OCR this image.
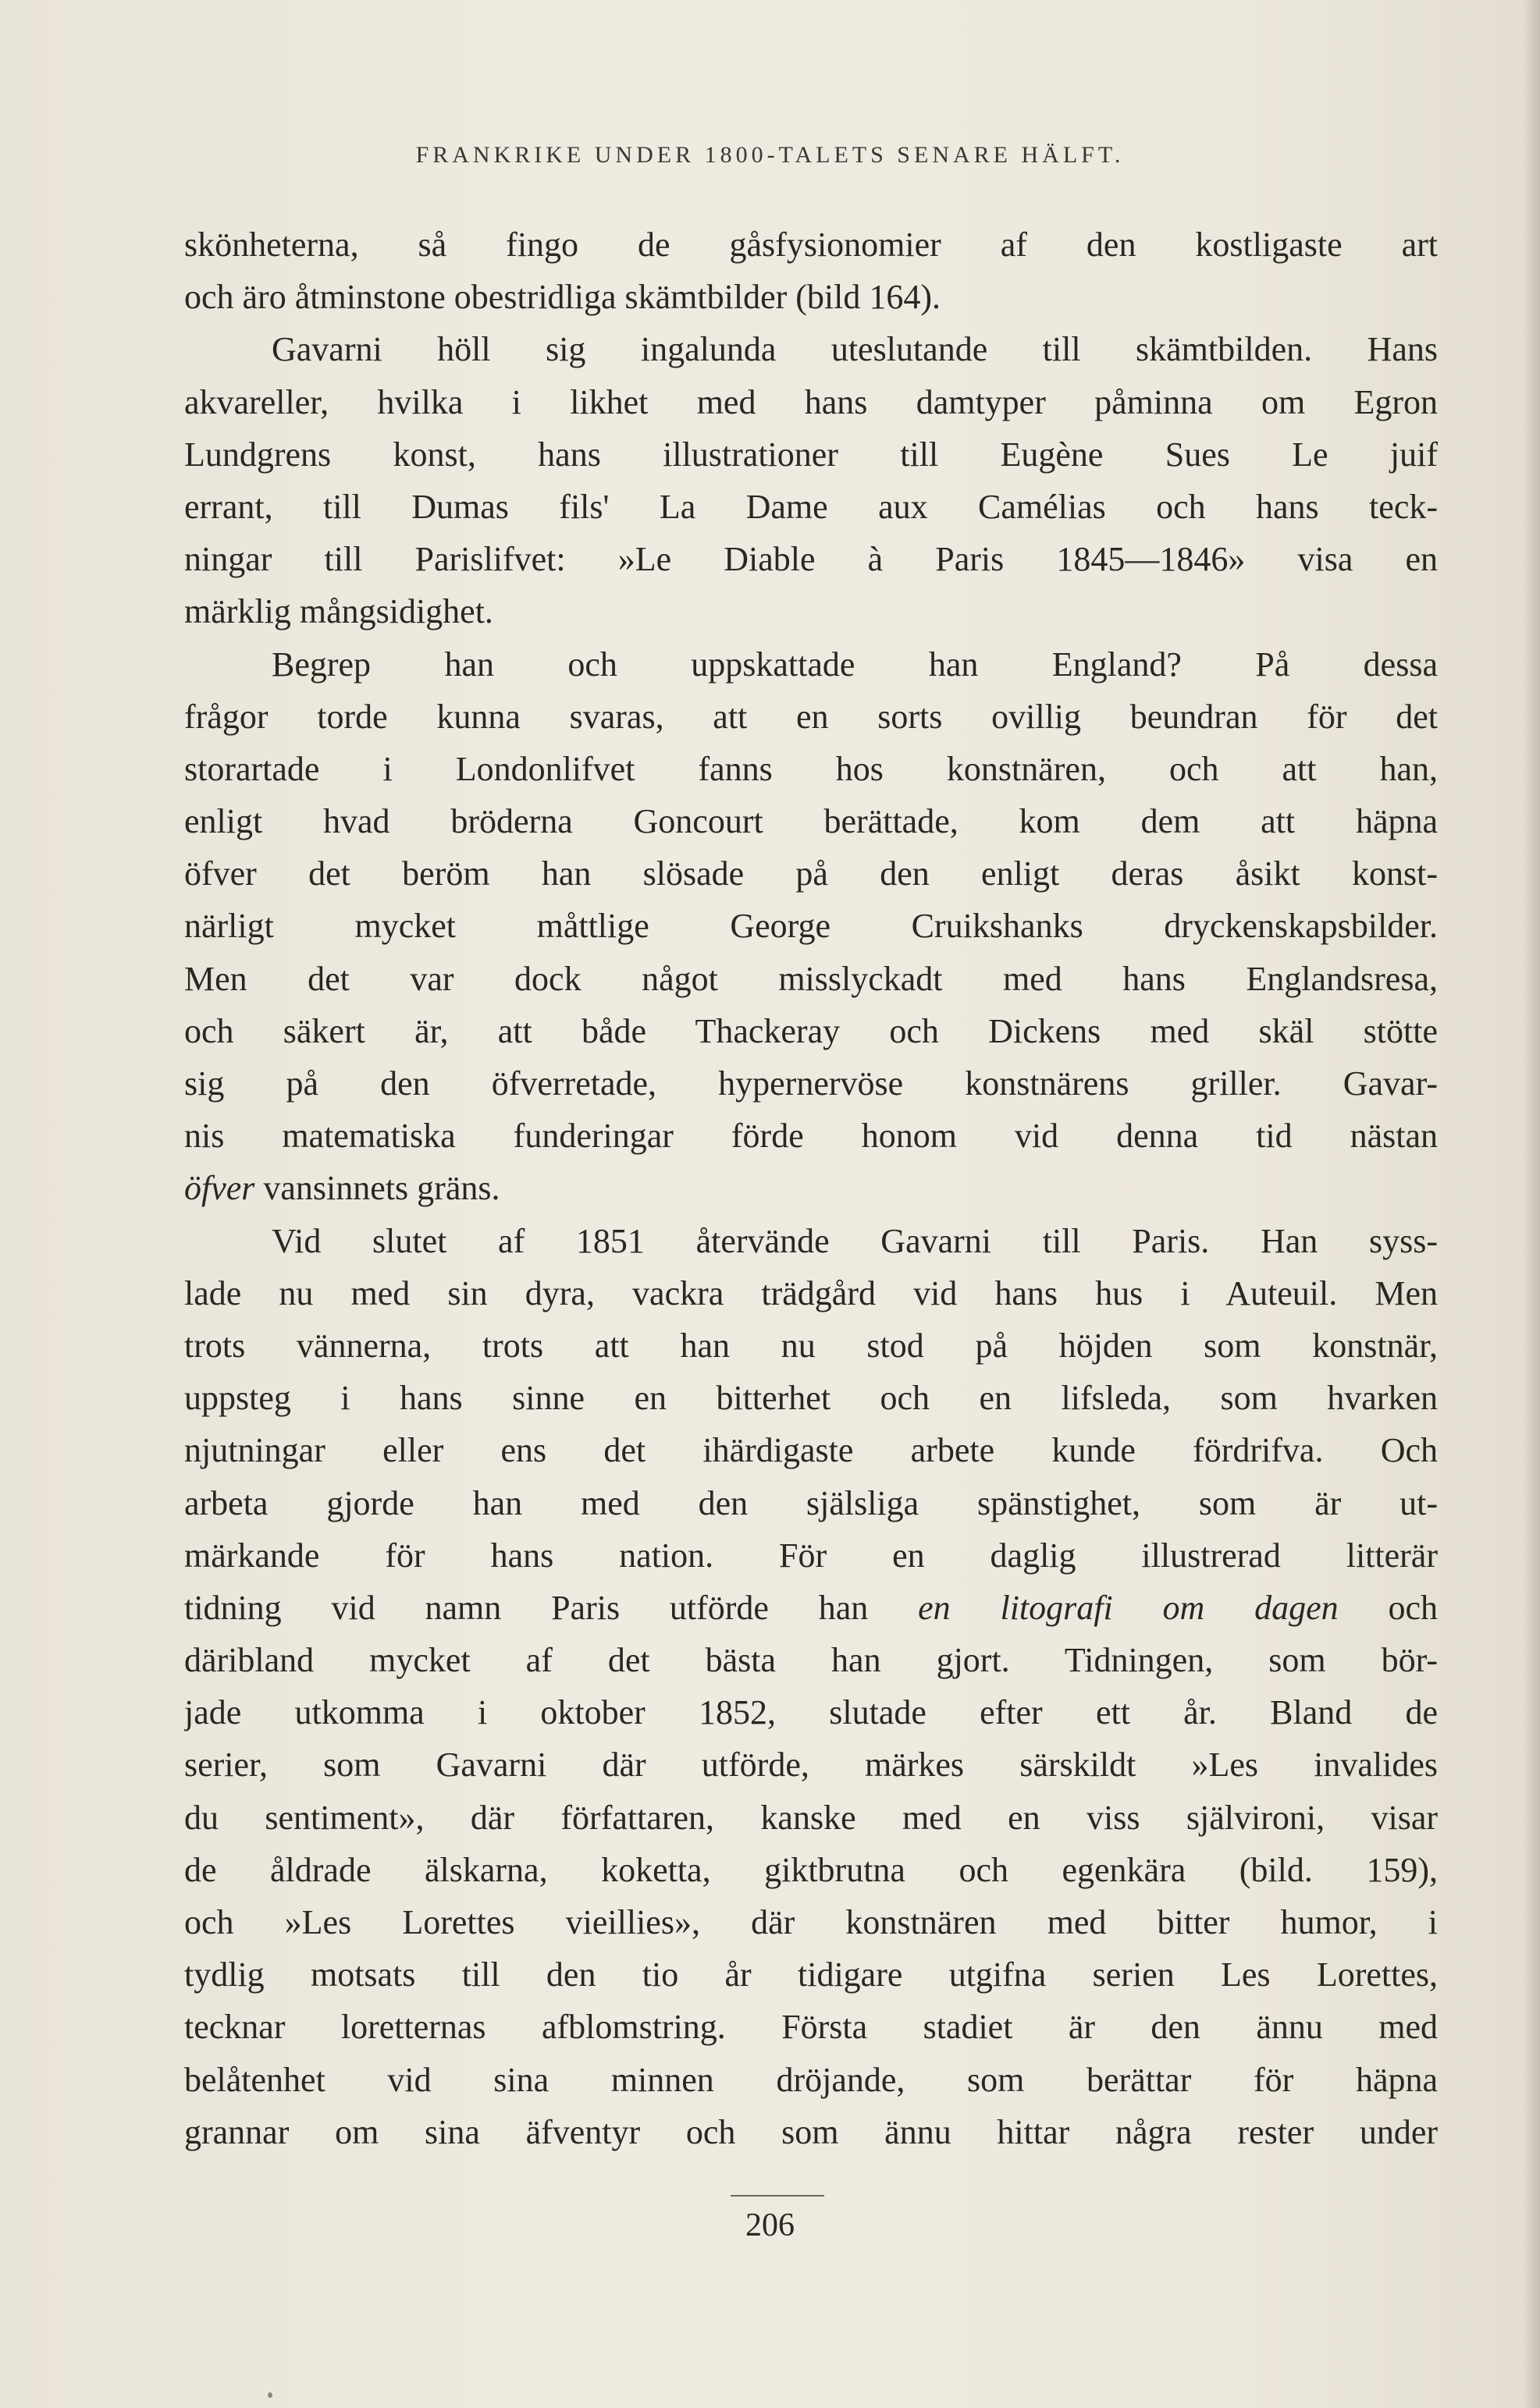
FRANKRIKE UNDER 1800-TALETS SENARE HÄLFT.
skönheterna, så fingo de gåsfysionomier af den kostligaste art
och äro åtminstone obestridliga skämtbilder (bild 164).
Gavarni höll sig ingalunda uteslutande till skämtbilden. Hans
akvareller, hvilka i likhet med hans damtyper påminna om Egron
Lundgrens konst, hans illustrationer till Eugène Sues Le juif
errant, till Dumas fils' La Dame aux Camélias och hans teck-
ningar till Parislifvet: »Le Diable à Paris 1845—1846» visa en
märklig mångsidighet.
Begrep han och uppskattade han England? På dessa
frågor torde kunna svaras, att en sorts ovillig beundran för det
storartade i Londonlifvet fanns hos konstnären, och att han,
enligt hvad bröderna Goncourt berättade, kom dem att häpna
öfver det beröm han slösade på den enligt deras åsikt konst-
närligt mycket måttlige George Cruikshanks dryckenskapsbilder.
Men det var dock något misslyckadt med hans Englandsresa,
och säkert är, att både Thackeray och Dickens med skäl stötte
sig på den öfverretade, hypernervöse konstnärens griller. Gavar-
nis matematiska funderingar förde honom vid denna tid nästan
öfver vansinnets gräns.
Vid slutet af 1851 återvände Gavarni till Paris. Han syss-
lade nu med sin dyra, vackra trädgård vid hans hus i Auteuil. Men
trots vännerna, trots att han nu stod på höjden som konstnär,
uppsteg i hans sinne en bitterhet och en lifsleda, som hvarken
njutningar eller ens det ihärdigaste arbete kunde fördrifva. Och
arbeta gjorde han med den själsliga spänstighet, som är ut-
märkande för hans nation. För en daglig illustrerad litterär
tidning vid namn Paris utförde han en litografi om dagen och
däribland mycket af det bästa han gjort. Tidningen, som bör-
jade utkomma i oktober 1852, slutade efter ett år. Bland de
serier, som Gavarni där utförde, märkes särskildt »Les invalides
du sentiment», där författaren, kanske med en viss självironi, visar
de åldrade älskarna, koketta, giktbrutna och egenkära (bild. 159),
och »Les Lorettes vieillies», där konstnären med bitter humor, i
tydlig motsats till den tio år tidigare utgifna serien Les Lorettes,
tecknar loretternas afblomstring. Första stadiet är den ännu med
belåtenhet vid sina minnen dröjande, som berättar för häpna
grannar om sina äfventyr och som ännu hittar några rester under
206
